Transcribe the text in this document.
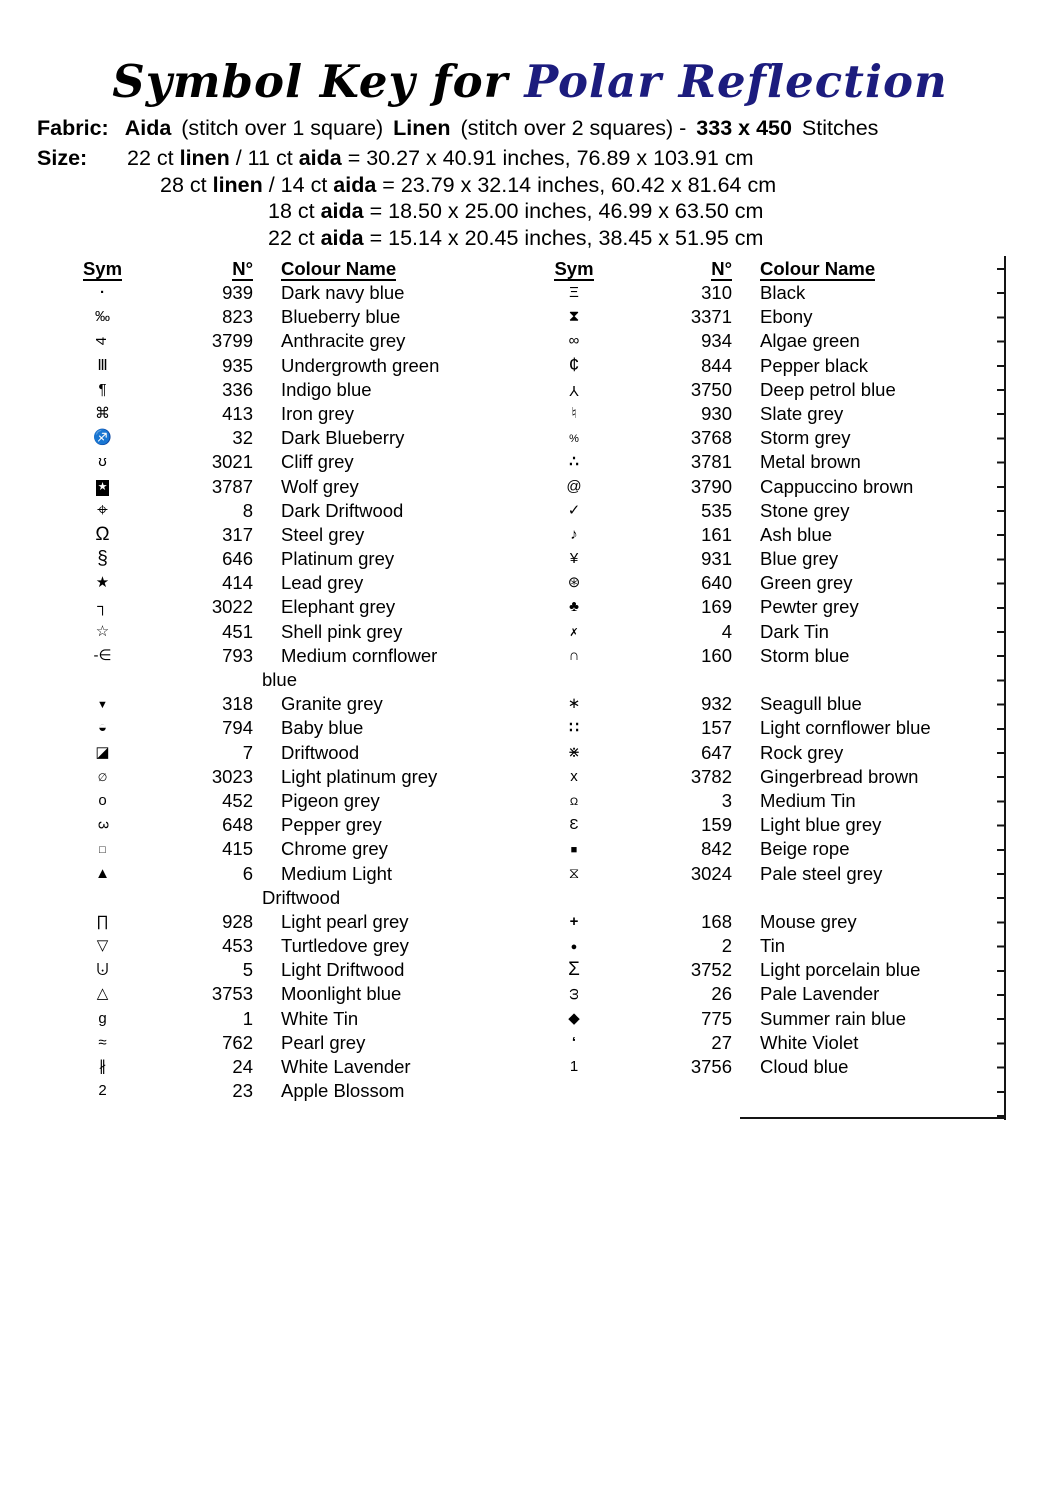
Symbol Key for Polar Reflection
Fabric: Aida (stitch over 1 square) Linen (stitch over 2 squares) - 333 x 450 Stitches
Size:	22 ct linen / 11 ct aida = 30.27 x 40.91 inches, 76.89 x 103.91 cm
28 ct linen / 14 ct aida = 23.79 x 32.14 inches, 60.42 x 81.64 cm
18 ct aida = 18.50 x 25.00 inches, 46.99 x 63.50 cm
22 ct aida = 15.14 x 20.45 inches, 38.45 x 51.95 cm
Sym	N°	Colour Name	Sym	N°	Colour Name
·	939	Dark navy blue	Ξ	310	Black
‰	823	Blueberry blue	⧗	3371	Ebony
4	3799	Anthracite grey	∞	934	Algae green
Ⅲ	935	Undergrowth green	¢	844	Pepper black
¶	336	Indigo blue	Y	3750	Deep petrol blue
⌘	413	Iron grey	♮	930	Slate grey
♐	32	Dark Blueberry	%	3768	Storm grey
ʊ	3021	Cliff grey	∴	3781	Metal brown
★	3787	Wolf grey	@	3790	Cappuccino brown
⌖	8	Dark Driftwood	✓	535	Stone grey
Ω	317	Steel grey	♪	161	Ash blue
§	646	Platinum grey	¥	931	Blue grey
★	414	Lead grey	⊛	640	Green grey
┐	3022	Elephant grey	♣	169	Pewter grey
☆	451	Shell pink grey	✗	4	Dark Tin
-∈	793	Medium cornflower	∩	160	Storm blue
blue
▼	318	Granite grey	∗	932	Seagull blue
◒	794	Baby blue	∷	157	Light cornflower blue
◪	7	Driftwood	⋇	647	Rock grey
∅	3023	Light platinum grey	x	3782	Gingerbread brown
o	452	Pigeon grey	Ω	3	Medium Tin
3	648	Pepper grey	Ɛ	159	Light blue grey
□	415	Chrome grey	■	842	Beige rope
▲	6	Medium Light	⧖	3024	Pale steel grey
Driftwood
∏	928	Light pearl grey	+	168	Mouse grey
▽	453	Turtledove grey	●	2	Tin
⨃	5	Light Driftwood	Σ	3752	Light porcelain blue
△	3753	Moonlight blue	ω	26	Pale Lavender
g	1	White Tin	◆	775	Summer rain blue
≈	762	Pearl grey	‘	27	White Violet
∦	24	White Lavender	1	3756	Cloud blue
2	23	Apple Blossom
